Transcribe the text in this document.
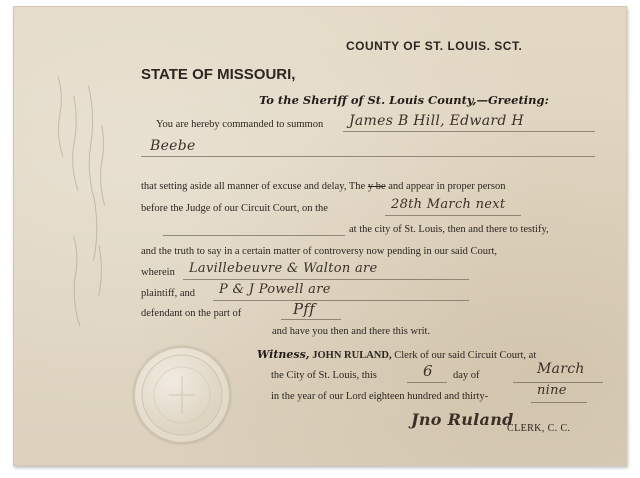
COUNTY OF ST. LOUIS. SCT.
STATE OF MISSOURI,
To the Sheriff of St. Louis County,—Greeting:
You are hereby commanded to summon James B Hill, Edward H
Beebe
that setting aside all manner of excuse and delay, The y be and appear in proper person
before the Judge of our Circuit Court, on the	28th March next
at the city of St. Louis, then and there to testify,
and the truth to say in a certain matter of controversy now pending in our said Court,
wherein Lavillebeuvre & Walton are
plaintiff, and P & J Powell are
defendant on the part of	Pff
and have you then and there this writ.
Witness, JOHN RULAND, Clerk of our said Circuit Court, at
the City of St. Louis, this	6 day of	March
in the year of our Lord eighteen hundred and thirty-	nine
Jno Ruland
CLERK, C. C.
